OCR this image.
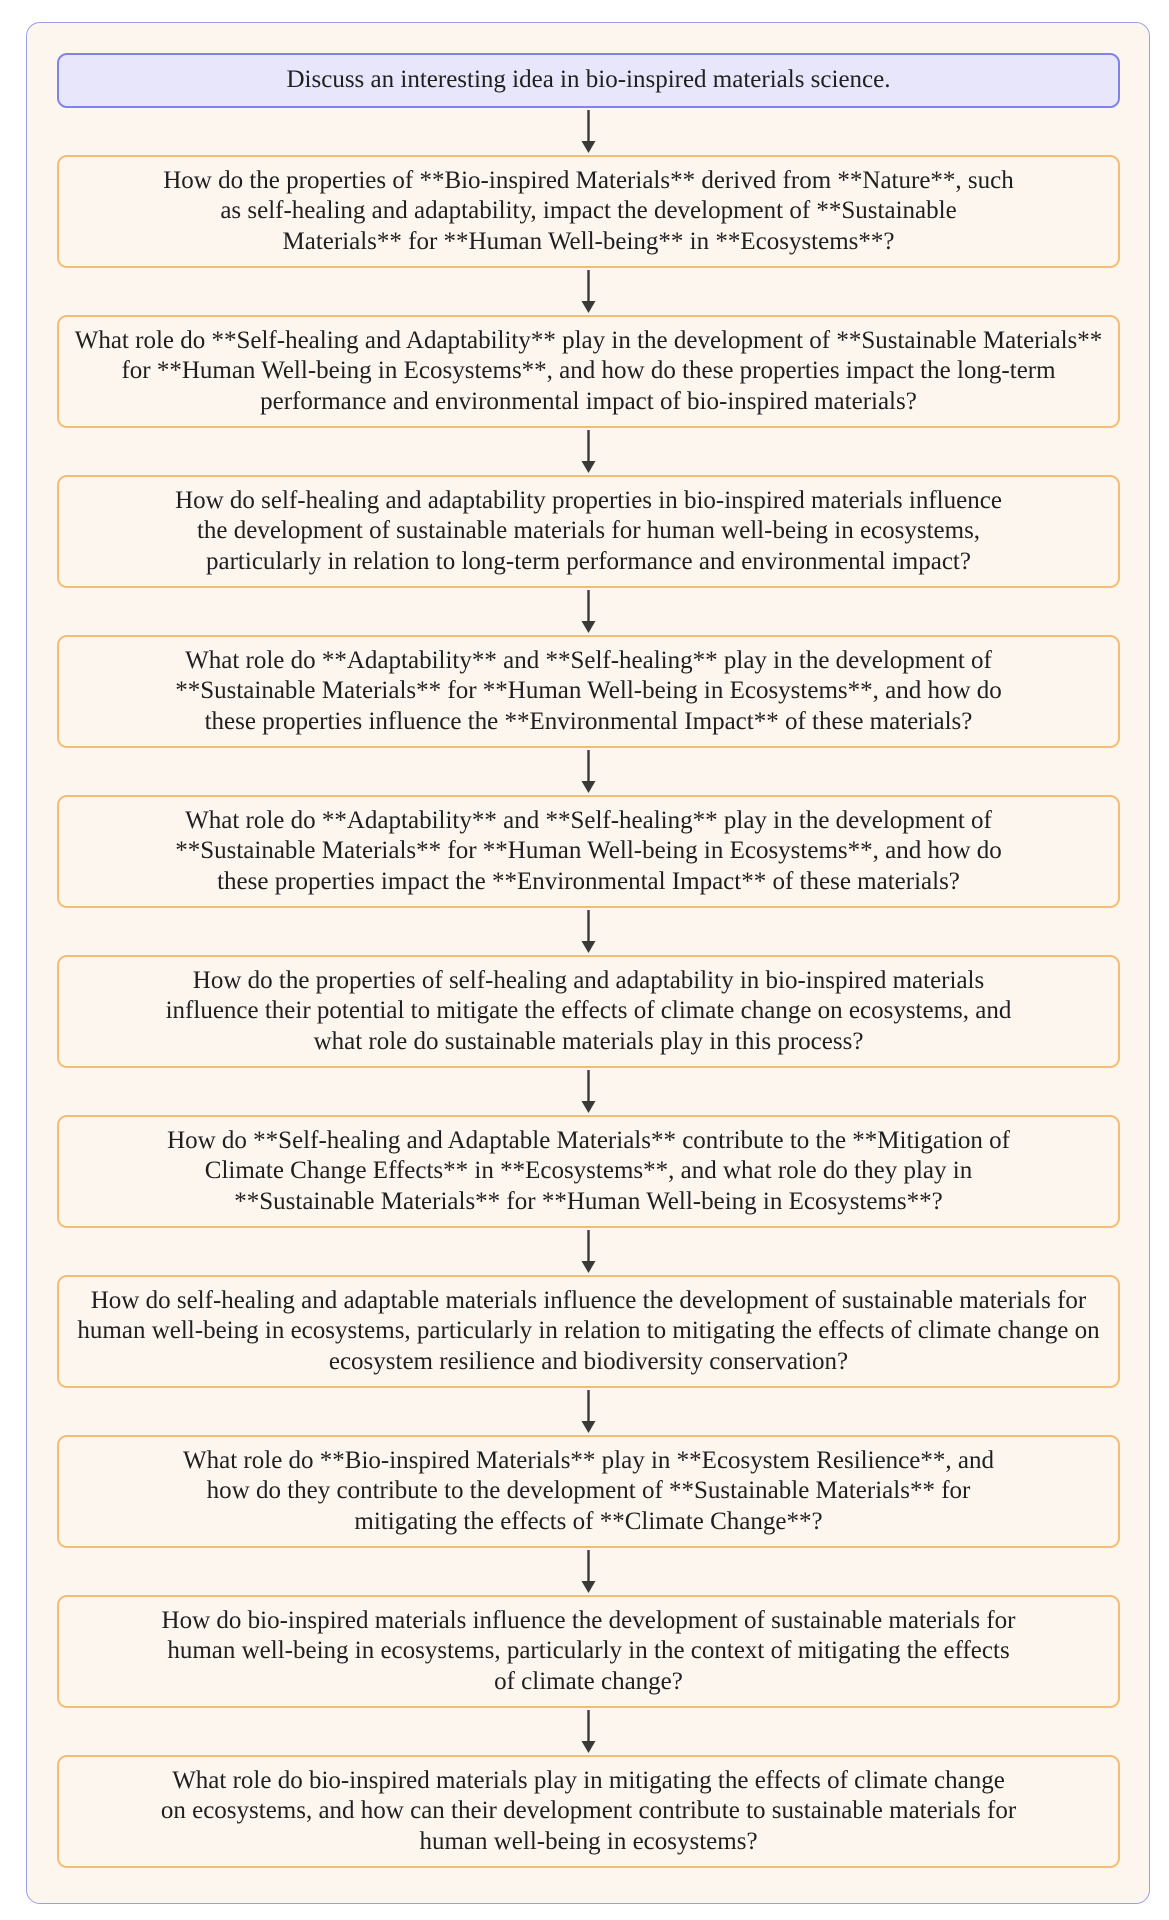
Discuss an interesting idea in bio-inspired materials science.
How do the properties of **Bio-inspired Materials** derived from **Nature**, such as self-healing and adaptability, impact the development of **Sustainable Materials** for **Human Well-being** in **Ecosystems**?
What role do **Self-healing and Adaptability** play in the development of **Sustainable Materials** for **Human Well-being in Ecosystems**, and how do these properties impact the long-term performance and environmental impact of bio-inspired materials?
How do self-healing and adaptability properties in bio-inspired materials influence the development of sustainable materials for human well-being in ecosystems, particularly in relation to long-term performance and environmental impact?
What role do **Adaptability** and **Self-healing** play in the development of **Sustainable Materials** for **Human Well-being in Ecosystems**, and how do these properties influence the **Environmental Impact** of these materials?
What role do **Adaptability** and **Self-healing** play in the development of **Sustainable Materials** for **Human Well-being in Ecosystems**, and how do these properties impact the **Environmental Impact** of these materials?
How do the properties of self-healing and adaptability in bio-inspired materials influence their potential to mitigate the effects of climate change on ecosystems, and what role do sustainable materials play in this process?
How do **Self-healing and Adaptable Materials** contribute to the **Mitigation of Climate Change Effects** in **Ecosystems**, and what role do they play in **Sustainable Materials** for **Human Well-being in Ecosystems**?
How do self-healing and adaptable materials influence the development of sustainable materials for human well-being in ecosystems, particularly in relation to mitigating the effects of climate change on ecosystem resilience and biodiversity conservation?
What role do **Bio-inspired Materials** play in **Ecosystem Resilience**, and how do they contribute to the development of **Sustainable Materials** for mitigating the effects of **Climate Change**?
How do bio-inspired materials influence the development of sustainable materials for human well-being in ecosystems, particularly in the context of mitigating the effects of climate change?
What role do bio-inspired materials play in mitigating the effects of climate change on ecosystems, and how can their development contribute to sustainable materials for human well-being in ecosystems?
